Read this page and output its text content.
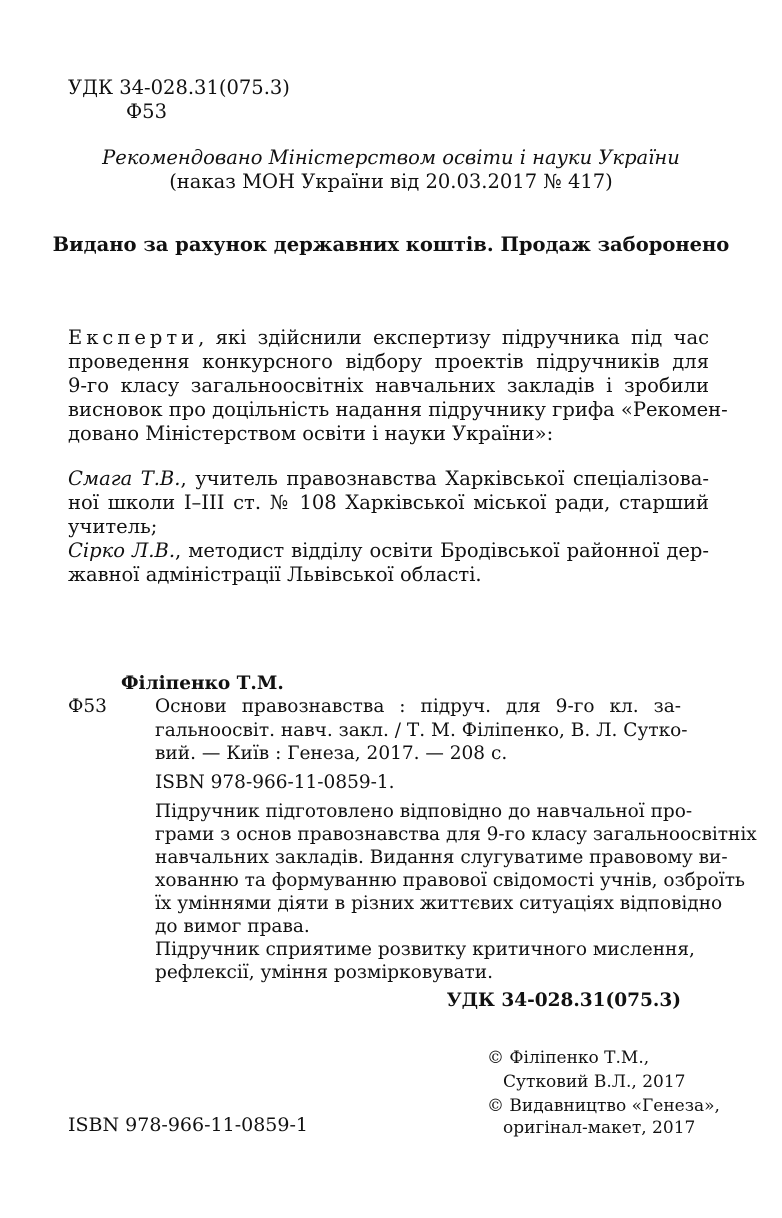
УДК 34-028.31(075.3)

Ф53

Рекомендовано Міністерством освіти і науки України

(наказ МОН України від 20.03.2017 № 417)

Видано за рахунок державних коштів. Продаж заборонено

Експерти, які здійснили експертизу підручника під час
проведення конкурсного відбору проектів підручників для
9-го класу загальноосвітніх навчальних закладів і зробили
висновок про доцільність надання підручнику грифа «Рекомен-
довано Міністерством освіти і науки України»:
Смага Т.В., учитель правознавства Харківської спеціалізова-
ної школи І–ІІІ ст. № 108 Харківської міської ради, старший
учитель;
Сірко Л.В., методист відділу освіти Бродівської районної дер-
жавної адміністрації Львівської області.

Філіпенко Т.М.

Ф53	Основи правознавства : підруч. для 9-го кл. за-
гальноосвіт. навч. закл. / Т. М. Філіпенко, В. Л. Сутко-
вий. — Київ : Генеза, 2017. — 208 с.
ISBN 978-966-11-0859-1.
Підручник підготовлено відповідно до навчальної про-
грами з основ правознавства для 9-го класу загальноосвітніх
навчальних закладів. Видання слугуватиме правовому ви-
хованню та формуванню правової свідомості учнів, озброїть
їх уміннями діяти в різних життєвих ситуаціях відповідно
до вимог права.
Підручник сприятиме розвитку критичного мислення,
рефлексії, уміння розмірковувати.

УДК 34-028.31(075.3)

ISBN 978-966-11-0859-1

© Філіпенко Т.М.,

Сутковий В.Л., 2017

© Видавництво «Генеза»,

оригінал-макет, 2017
